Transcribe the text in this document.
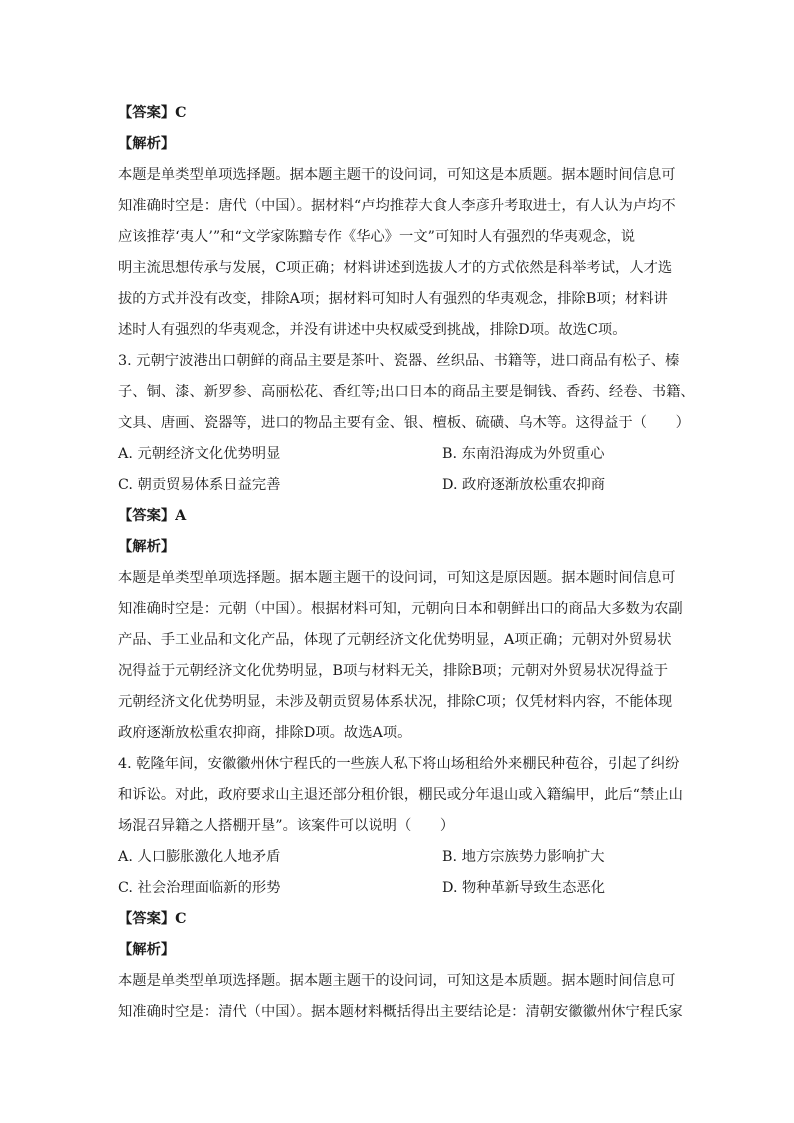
【答案】C
【解析】
本题是单类型单项选择题。据本题主题干的设问词，可知这是本质题。据本题时间信息可
知准确时空是：唐代（中国）。据材料“卢均推荐大食人李彦升考取进士，有人认为卢均不
应该推荐‘夷人’”和“文学家陈黯专作《华心》一文”可知时人有强烈的华夷观念，说
明主流思想传承与发展，C项正确；材料讲述到选拔人才的方式依然是科举考试，人才选
拔的方式并没有改变，排除A项；据材料可知时人有强烈的华夷观念，排除B项；材料讲
述时人有强烈的华夷观念，并没有讲述中央权威受到挑战，排除D项。故选C项。
3. 元朝宁波港出口朝鲜的商品主要是茶叶、瓷器、丝织品、书籍等，进口商品有松子、榛
子、铜、漆、新罗参、高丽松花、香红等;出口日本的商品主要是铜钱、香药、经卷、书籍、
文具、唐画、瓷器等，进口的物品主要有金、银、檀板、硫磺、乌木等。这得益于（　　）
A. 元朝经济文化优势明显	B. 东南沿海成为外贸重心
C. 朝贡贸易体系日益完善	D. 政府逐渐放松重农抑商
【答案】A
【解析】
本题是单类型单项选择题。据本题主题干的设问词，可知这是原因题。据本题时间信息可
知准确时空是：元朝（中国）。根据材料可知，元朝向日本和朝鲜出口的商品大多数为农副
产品、手工业品和文化产品，体现了元朝经济文化优势明显，A项正确；元朝对外贸易状
况得益于元朝经济文化优势明显，B项与材料无关，排除B项；元朝对外贸易状况得益于
元朝经济文化优势明显，未涉及朝贡贸易体系状况，排除C项；仅凭材料内容，不能体现
政府逐渐放松重农抑商，排除D项。故选A项。
4. 乾隆年间，安徽徽州休宁程氏的一些族人私下将山场租给外来棚民种苞谷，引起了纠纷
和诉讼。对此，政府要求山主退还部分租价银，棚民或分年退山或入籍编甲，此后“禁止山
场混召异籍之人搭棚开垦”。该案件可以说明（　　）
A. 人口膨胀激化人地矛盾	B. 地方宗族势力影响扩大
C. 社会治理面临新的形势	D. 物种革新导致生态恶化
【答案】C
【解析】
本题是单类型单项选择题。据本题主题干的设问词，可知这是本质题。据本题时间信息可
知准确时空是：清代（中国）。据本题材料概括得出主要结论是：清朝安徽徽州休宁程氏家
